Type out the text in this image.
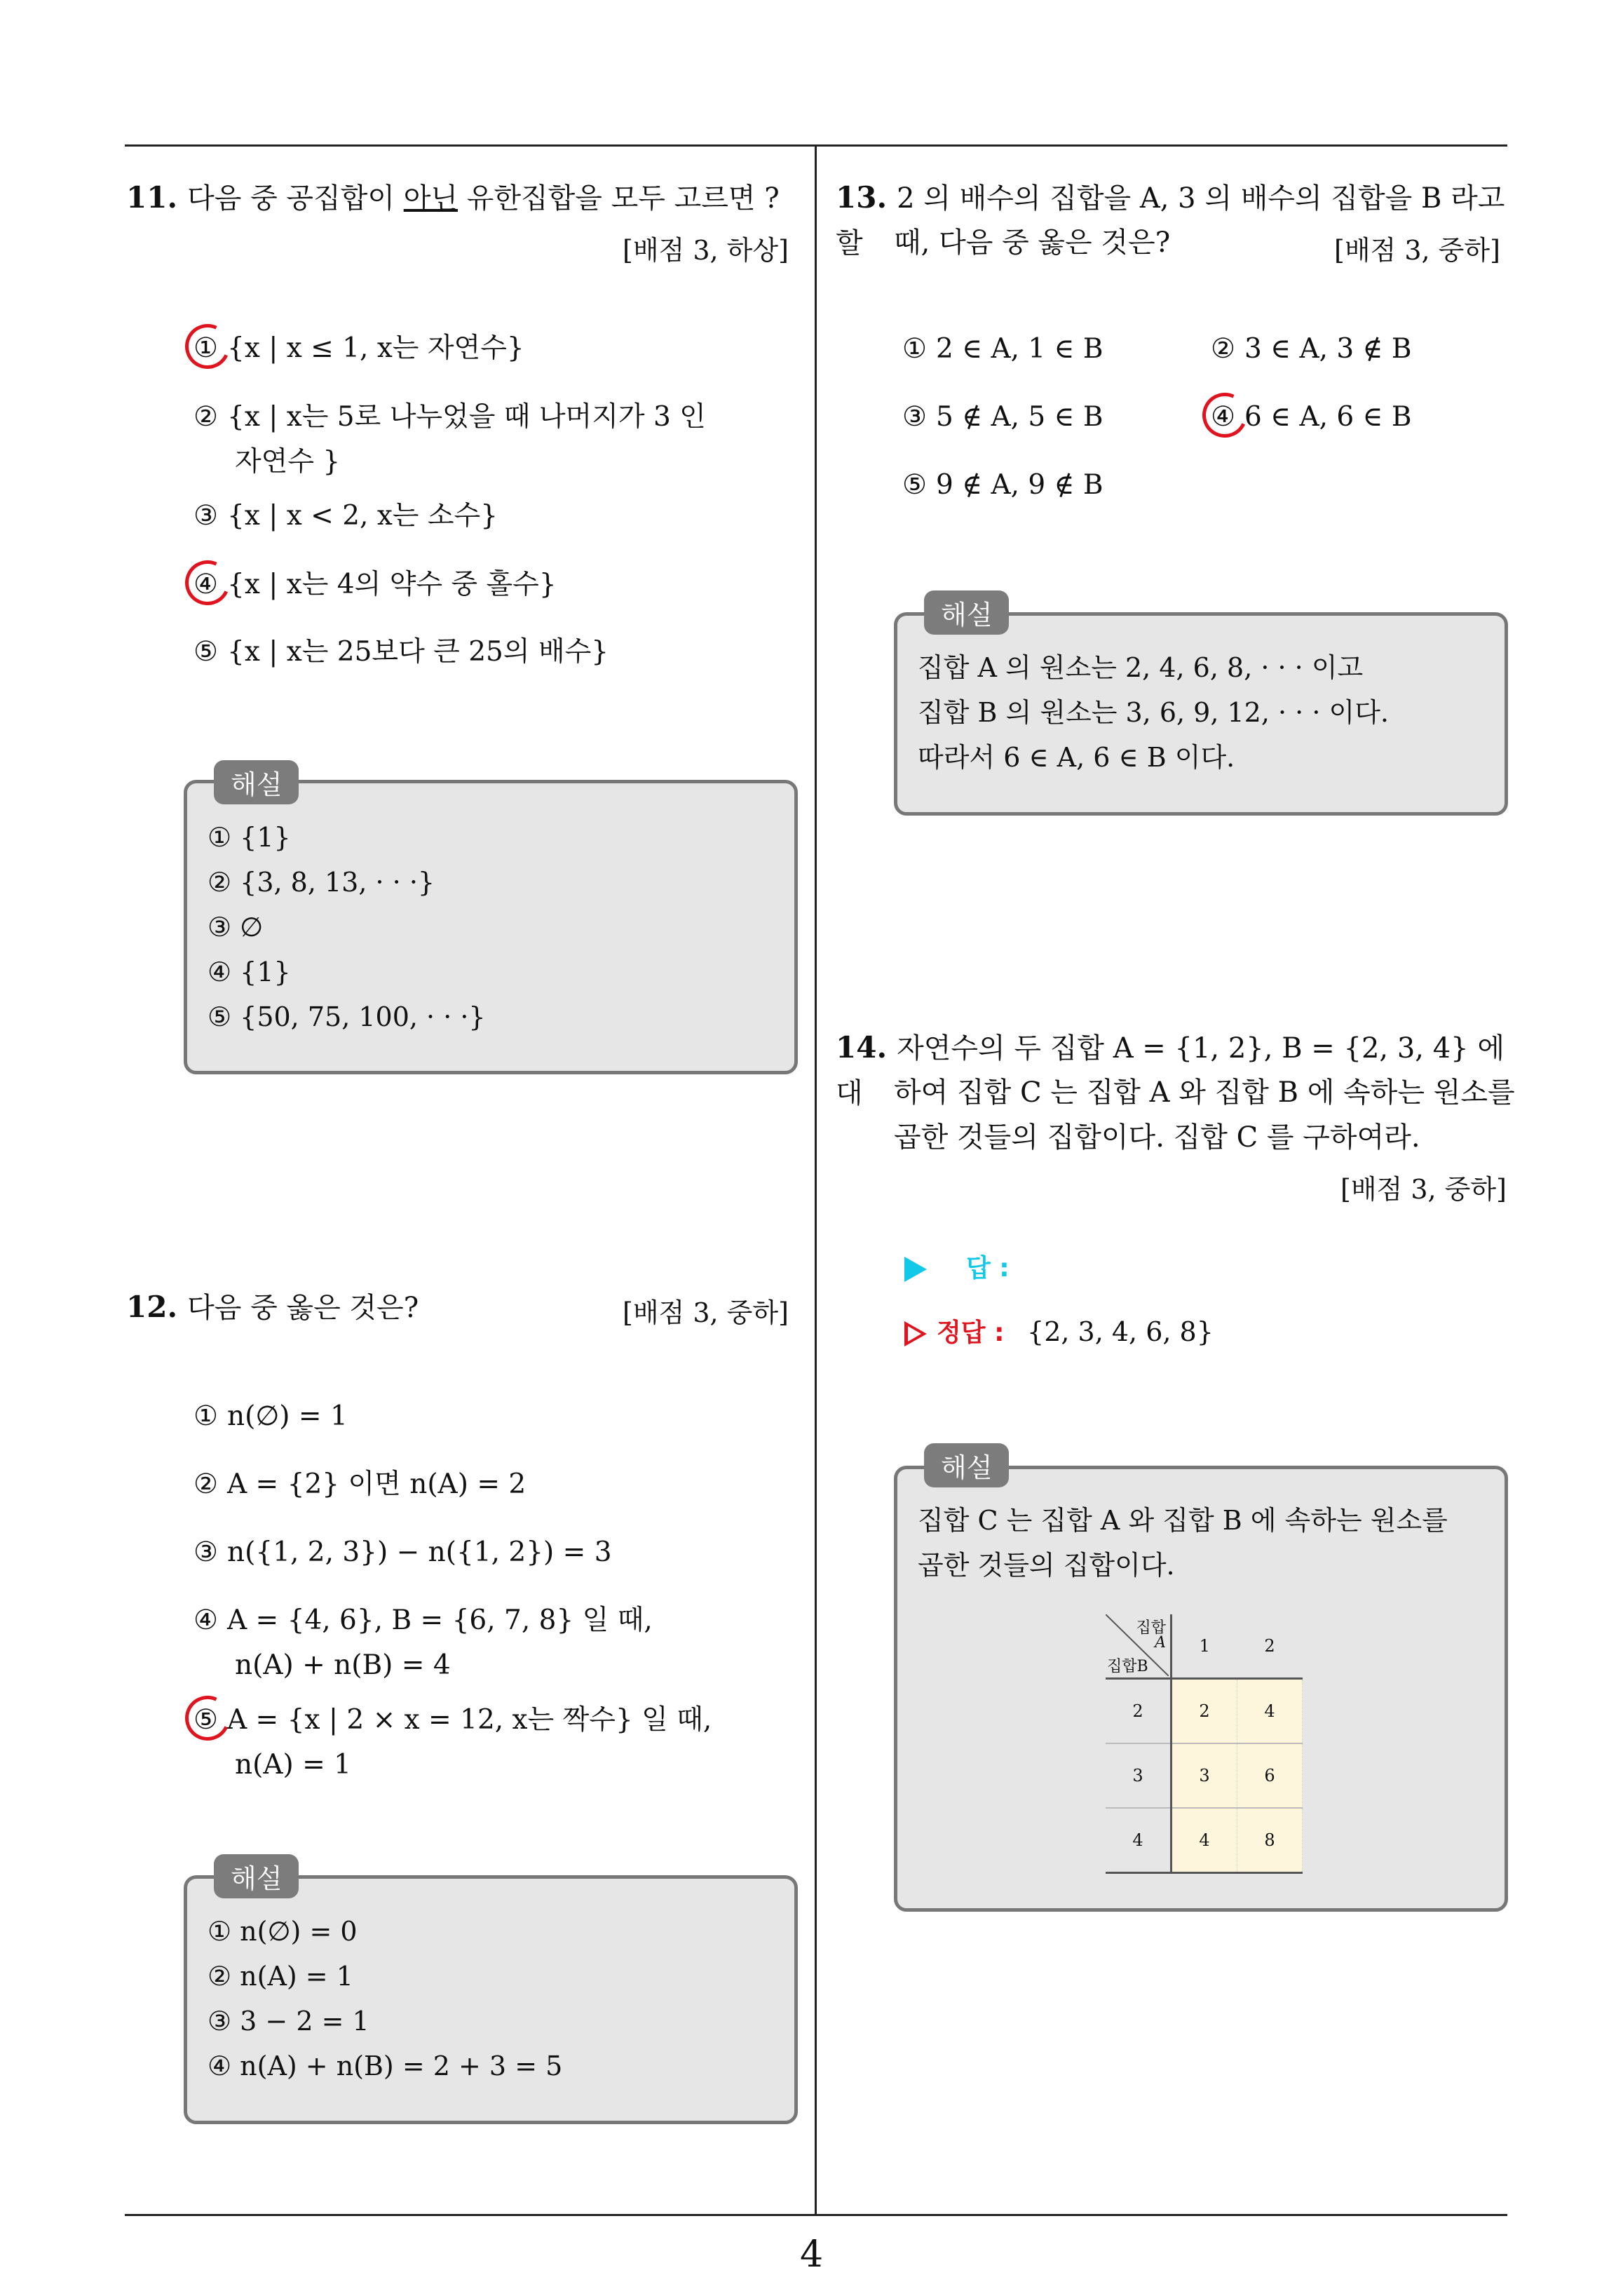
4
11. 다음 중 공집합이 아닌 유한집합을 모두 고르면 ?
[배점 3, 하상]
① {x | x ≤ 1, x는 자연수}
② {x | x는 5로 나누었을 때 나머지가 3 인
자연수 }
③ {x | x < 2, x는 소수}
④ {x | x는 4의 약수 중 홀수}
⑤ {x | x는 25보다 큰 25의 배수}
해설
① {1}
② {3, 8, 13, · · ·}
③ ∅
④ {1}
⑤ {50, 75, 100, · · ·}
12. 다음 중 옳은 것은?	[배점 3, 중하]
① n(∅) = 1
② A = {2} 이면 n(A) = 2
③ n({1, 2, 3}) − n({1, 2}) = 3
④ A = {4, 6}, B = {6, 7, 8} 일 때,
n(A) + n(B) = 4
⑤ A = {x | 2 × x = 12, x는 짝수} 일 때,
n(A) = 1
해설
① n(∅) = 0
② n(A) = 1
③ 3 − 2 = 1
④ n(A) + n(B) = 2 + 3 = 5
13. 2 의 배수의 집합을 A, 3 의 배수의 집합을 B 라고 할	때, 다음 중 옳은 것은?	[배점 3, 중하]
① 2 ∈ A, 1 ∈ B	② 3 ∈ A, 3 ∉ B
③ 5 ∉ A, 5 ∈ B	④ 6 ∈ A, 6 ∈ B
⑤ 9 ∉ A, 9 ∉ B
해설
집합 A 의 원소는 2, 4, 6, 8, · · · 이고
집합 B 의 원소는 3, 6, 9, 12, · · · 이다.
따라서 6 ∈ A, 6 ∈ B 이다.
14. 자연수의 두 집합 A = {1, 2}, B = {2, 3, 4} 에 대	하여 집합 C 는 집합 A 와 집합 B 에 속하는 원소를
곱한 것들의 집합이다. 집합 C 를 구하여라.
[배점 3, 중하]
답 :
정답 : {2, 3, 4, 6, 8}
해설
집합 C 는 집합 A 와 집합 B 에 속하는 원소를
곱한 것들의 집합이다.
집합
A
집합B	1	2
2	2	4
3	3	6
4	4	8
